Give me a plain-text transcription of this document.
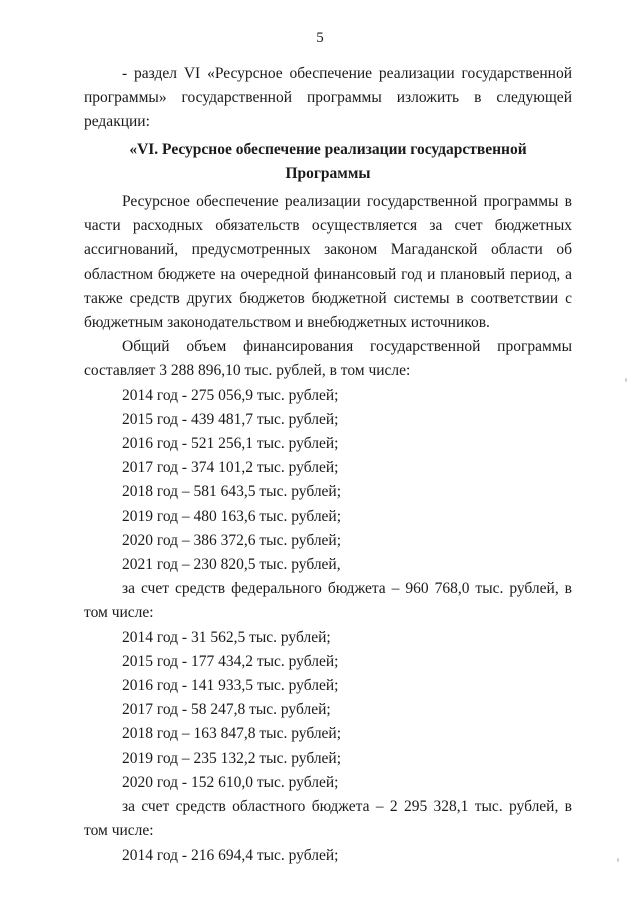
5

- раздел VI «Ресурсное обеспечение реализации государственной программы» государственной программы изложить в следующей редакции:

«VI. Ресурсное обеспечение реализации государственной

Программы

Ресурсное обеспечение реализации государственной программы в части расходных обязательств осуществляется за счет бюджетных ассигнований, предусмотренных законом Магаданской области об областном бюджете на очередной финансовый год и плановый период, а также средств других бюджетов бюджетной системы в соответствии с бюджетным законодательством и внебюджетных источников.

Общий объем финансирования государственной программы составляет 3 288 896,10 тыс. рублей, в том числе:

2014 год - 275 056,9 тыс. рублей;
2015 год - 439 481,7 тыс. рублей;
2016 год - 521 256,1 тыс. рублей;
2017 год - 374 101,2 тыс. рублей;
2018 год – 581 643,5 тыс. рублей;
2019 год – 480 163,6 тыс. рублей;
2020 год – 386 372,6 тыс. рублей;
2021 год – 230 820,5 тыс. рублей,

за счет средств федерального бюджета – 960 768,0 тыс. рублей, в том числе:

2014 год - 31 562,5 тыс. рублей;
2015 год - 177 434,2 тыс. рублей;
2016 год - 141 933,5 тыс. рублей;
2017 год - 58 247,8 тыс. рублей;
2018 год – 163 847,8 тыс. рублей;
2019 год – 235 132,2 тыс. рублей;
2020 год - 152 610,0 тыс. рублей;

за счет средств областного бюджета – 2 295 328,1 тыс. рублей, в том числе:

2014 год - 216 694,4 тыс. рублей;
